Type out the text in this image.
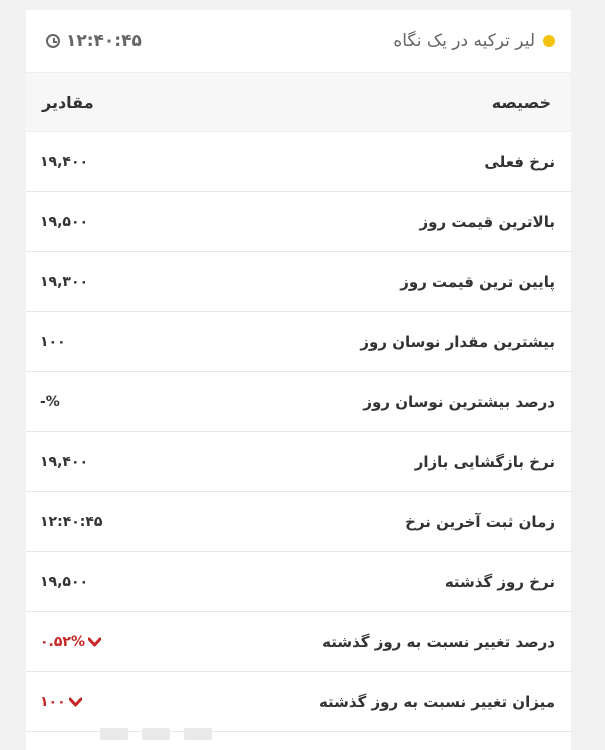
لیر ترکیه در یک نگاه
۱۲:۴۰:۴۵
خصیصه
مقادیر
نرخ فعلی
۱۹,۴۰۰
بالاترین قیمت روز
۱۹,۵۰۰
پایین ترین قیمت روز
۱۹,۳۰۰
بیشترین مقدار نوسان روز
۱۰۰
درصد بیشترین نوسان روز
-%
نرخ بازگشایی بازار
۱۹,۴۰۰
زمان ثبت آخرین نرخ
۱۲:۴۰:۴۵
نرخ روز گذشته
۱۹,۵۰۰
درصد تغییر نسبت به روز گذشته
۰.۵۲%
میزان تغییر نسبت به روز گذشته
۱۰۰
